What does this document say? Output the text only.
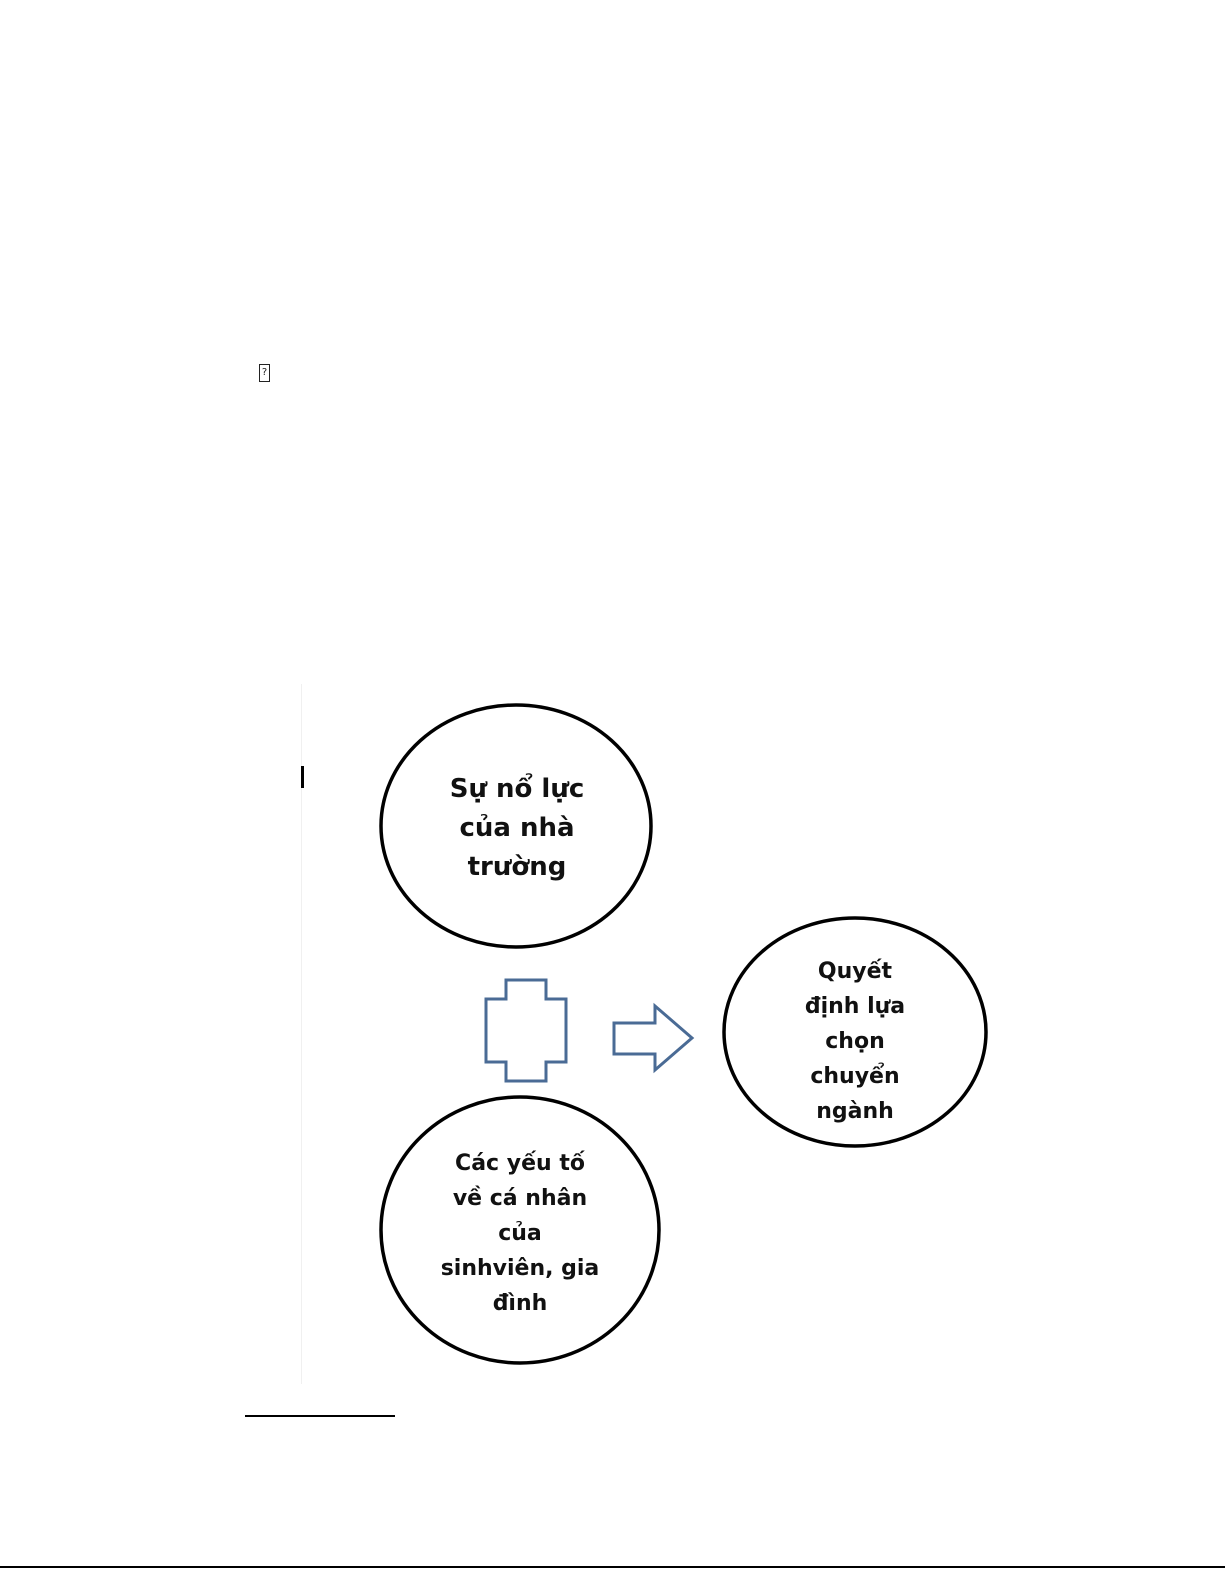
?
Sự nổ lực
của nhà
trường
Quyết
định lựa
chọn
chuyển
ngành
Các yếu tố
về cá nhân
của
sinhviên, gia
đình
